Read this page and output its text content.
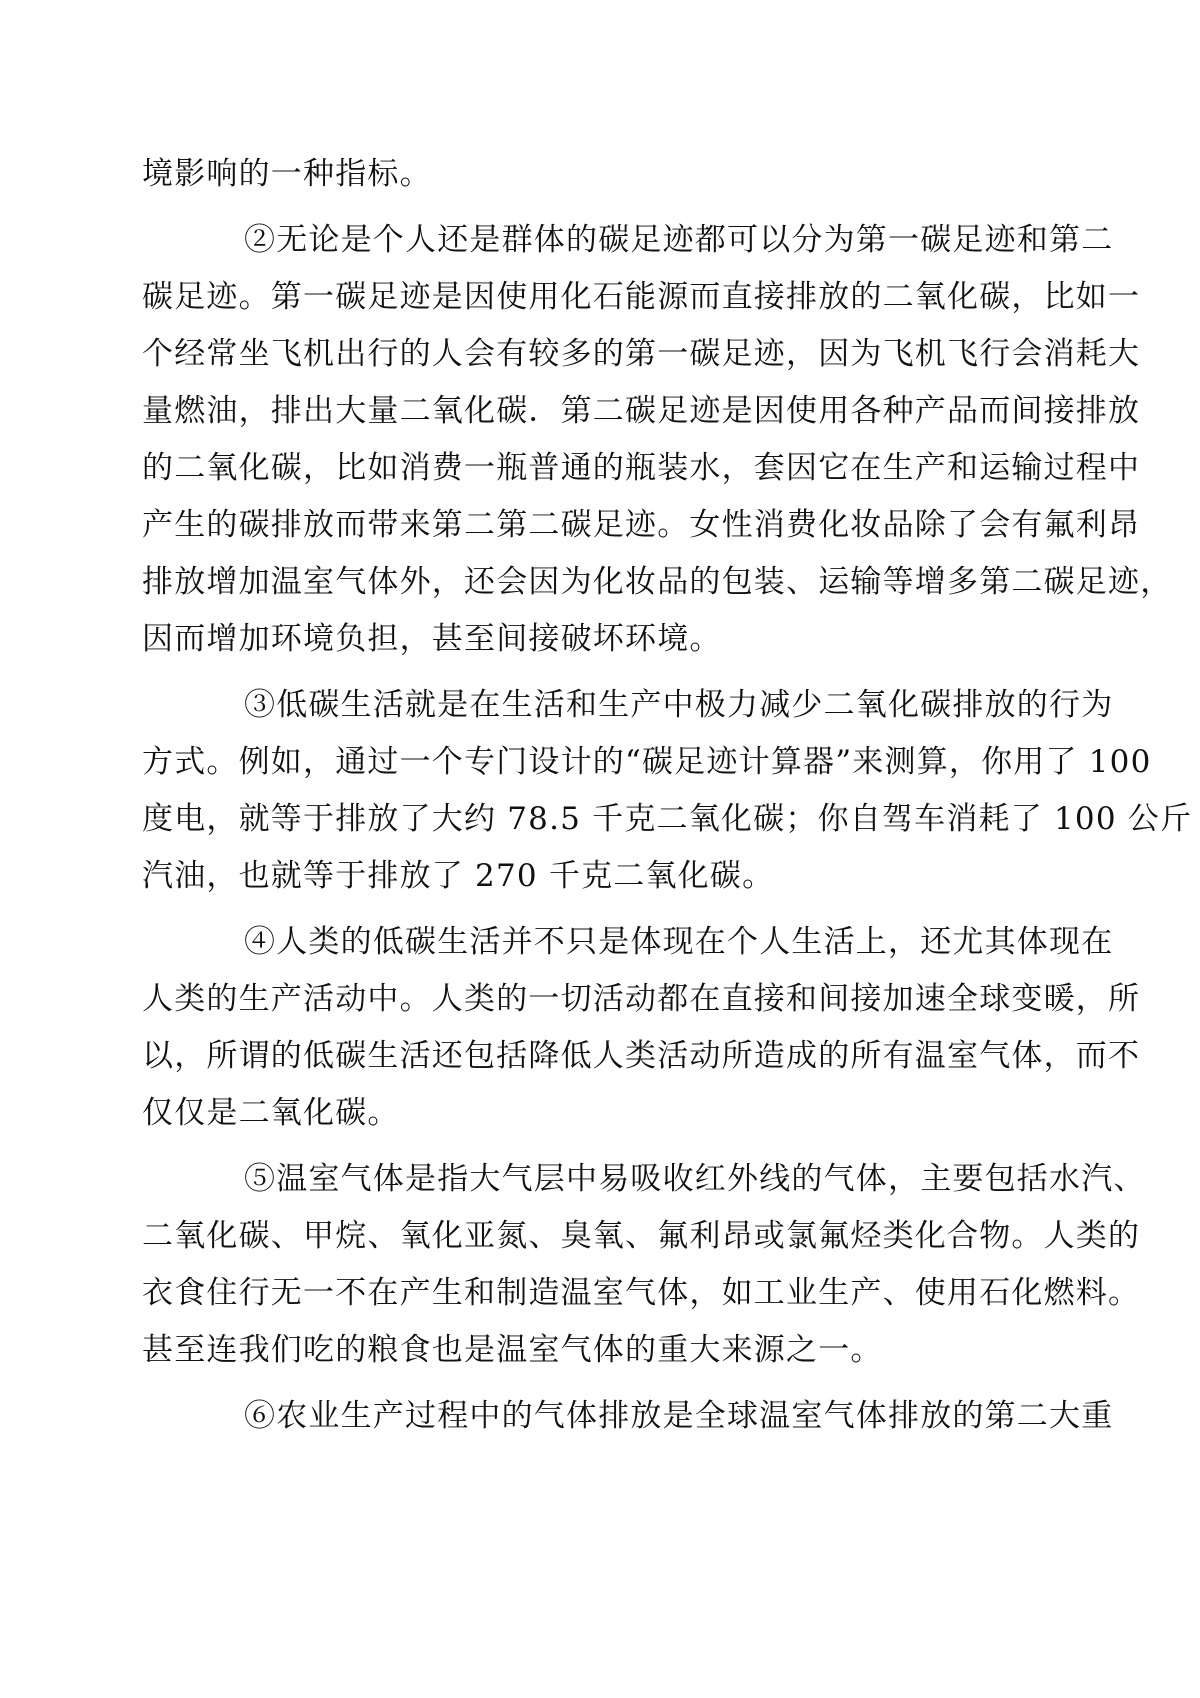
境影响的一种指标。
②无论是个人还是群体的碳足迹都可以分为第一碳足迹和第二
碳足迹。第一碳足迹是因使用化石能源而直接排放的二氧化碳，比如一
个经常坐飞机出行的人会有较多的第一碳足迹，因为飞机飞行会消耗大
量燃油，排出大量二氧化碳．第二碳足迹是因使用各种产品而间接排放
的二氧化碳，比如消费一瓶普通的瓶装水，套因它在生产和运输过程中
产生的碳排放而带来第二第二碳足迹。女性消费化妆品除了会有氟利昂
排放增加温室气体外，还会因为化妆品的包装、运输等增多第二碳足迹，
因而增加环境负担，甚至间接破坏环境。
③低碳生活就是在生活和生产中极力减少二氧化碳排放的行为
方式。例如，通过一个专门设计的“碳足迹计算器”来测算，你用了 100
度电，就等于排放了大约 78.5 千克二氧化碳；你自驾车消耗了 100 公斤
汽油，也就等于排放了 270 千克二氧化碳。
④人类的低碳生活并不只是体现在个人生活上，还尤其体现在
人类的生产活动中。人类的一切活动都在直接和间接加速全球变暖，所
以，所谓的低碳生活还包括降低人类活动所造成的所有温室气体，而不
仅仅是二氧化碳。
⑤温室气体是指大气层中易吸收红外线的气体，主要包括水汽、
二氧化碳、甲烷、氧化亚氮、臭氧、氟利昂或氯氟烃类化合物。人类的
衣食住行无一不在产生和制造温室气体，如工业生产、使用石化燃料。
甚至连我们吃的粮食也是温室气体的重大来源之一。
⑥农业生产过程中的气体排放是全球温室气体排放的第二大重
